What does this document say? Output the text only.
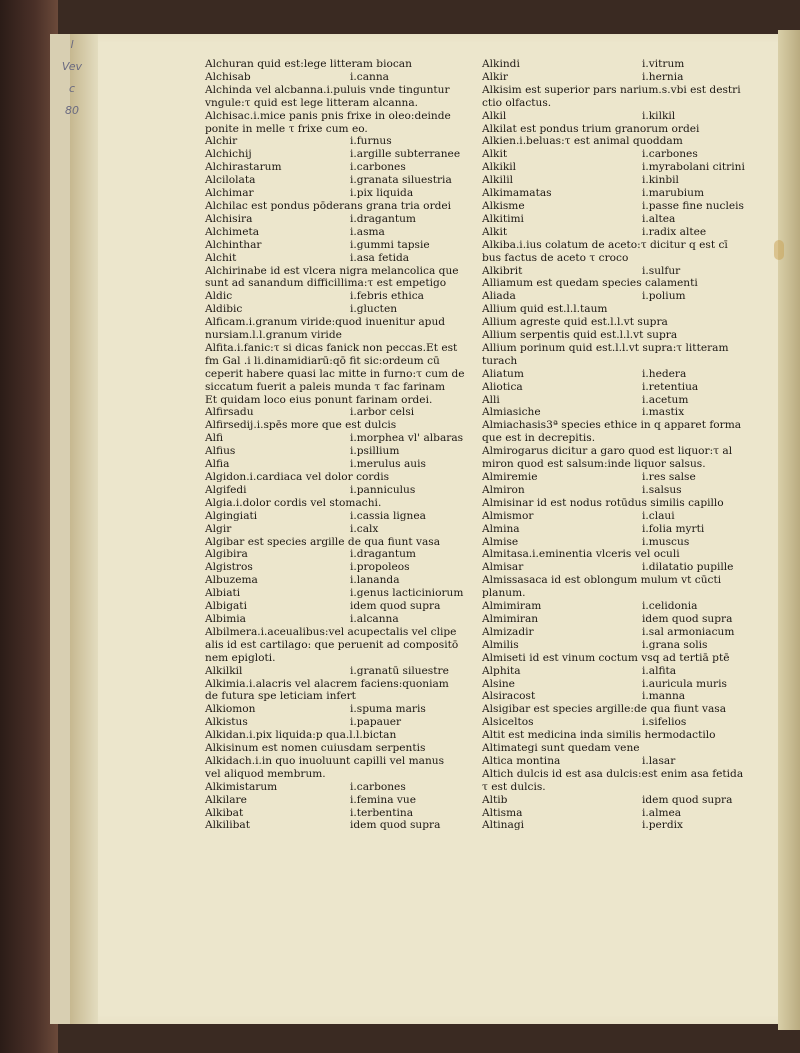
l
Vev
c
80
Alchuran quid est:lege litteram biocan
Alchisab	i.canna
Alchinda vel alcbanna.i.puluis vnde tinguntur
vngule:τ quid est lege litteram alcanna.
Alchisac.i.mice panis pnis frixe in oleo:deinde
ponite in melle τ frixe cum eo.
Alchir	i.furnus
Alchichij	i.argille subterranee
Alchirastarum	i.carbones
Alcilolata	i.granata siluestria
Alchimar	i.pix liquida
Alchilac est pondus pōderans grana tria ordei
Alchisira	i.dragantum
Alchimeta	i.asma
Alchinthar	i.gummi tapsie
Alchit	i.asa fetida
Alchirinabe id est vlcera nigra melancolica que
sunt ad sanandum difficillima:τ est empetigo
Aldic	i.febris ethica
Aldibic	i.glucten
Alficam.i.granum viride:quod inuenitur apud
nursiam.l.l.granum viride
Alfita.i.fanic:τ si dicas fanick non peccas.Et est
fm Gal .i li.dinamidiarū:qō fit sic:ordeum cū
ceperit habere quasi lac mitte in furno:τ cum de
siccatum fuerit a paleis munda τ fac farinam
Et quidam loco eius ponunt farinam ordei.
Alfirsadu	i.arbor celsi
Alfirsedij.i.spēs more que est dulcis
Alfi	i.morphea vl' albaras
Alfius	i.psillium
Alfia	i.merulus auis
Algidon.i.cardiaca vel dolor cordis
Algifedi	i.panniculus
Algia.i.dolor cordis vel stomachi.
Algingiati	i.cassia lignea
Algir	i.calx
Algibar est species argille de qua fiunt vasa
Algibira	i.dragantum
Algistros	i.propoleos
Albuzema	i.lananda
Albiati	i.genus lacticiniorum
Albigati	idem quod supra
Albimia	i.alcanna
Albilmera.i.aceualibus:vel acupectalis vel clipe
alis id est cartilago: que peruenit ad compositō
nem epigloti.
Alkilkil	i.granatū siluestre
Alkimia.i.alacris vel alacrem faciens:quoniam
de futura spe leticiam infert
Alkiomon	i.spuma maris
Alkistus	i.papauer
Alkidan.i.pix liquida:p qua.l.l.bictan
Alkisinum est nomen cuiusdam serpentis
Alkidach.i.in quo inuoluunt capilli vel manus
vel aliquod membrum.
Alkimistarum	i.carbones
Alkilare	i.femina vue
Alkibat	i.terbentina
Alkilibat	idem quod supra
Alkindi	i.vitrum
Alkir	i.hernia
Alkisim est superior pars narium.s.vbi est destri
ctio olfactus.
Alkil	i.kilkil
Alkilat est pondus trium granorum ordei
Alkien.i.beluas:τ est animal quoddam
Alkit	i.carbones
Alkikil	i.myrabolani citrini
Alkilil	i.kinbil
Alkimamatas	i.marubium
Alkisme	i.passe fine nucleis
Alkitimi	i.altea
Alkit	i.radix altee
Alkiba.i.ius colatum de aceto:τ dicitur q est cī
bus factus de aceto τ croco
Alkibrit	i.sulfur
Alliamum est quedam species calamenti
Aliada	i.polium
Allium quid est.l.l.taum
Allium agreste quid est.l.l.vt supra
Allium serpentis quid est.l.l.vt supra
Allium porinum quid est.l.l.vt supra:τ litteram
turach
Aliatum	i.hedera
Aliotica	i.retentiua
Alli	i.acetum
Almiasiche	i.mastix
Almiachasis3ª species ethice in q apparet forma
que est in decrepitis.
Almirogarus dicitur a garo quod est liquor:τ al
miron quod est salsum:inde liquor salsus.
Almiremie	i.res salse
Almiron	i.salsus
Almisinar id est nodus rotūdus similis capillo
Almismor	i.claui
Almina	i.folia myrti
Almise	i.muscus
Almitasa.i.eminentia vlceris vel oculi
Almisar	i.dilatatio pupille
Almissasaca id est oblongum mulum vt cūcti
planum.
Almimiram	i.celidonia
Almimiran	idem quod supra
Almizadir	i.sal armoniacum
Almilis	i.grana solis
Almiseti id est vinum coctum vsq ad tertiā ptē
Alphita	i.alfita
Alsine	i.auricula muris
Alsiracost	i.manna
Alsigibar est species argille:de qua fiunt vasa
Alsiceltos	i.sifelios
Altit est medicina inda similis hermodactilo
Altimategi sunt quedam vene
Altica montina	i.lasar
Altich dulcis id est asa dulcis:est enim asa fetida
τ est dulcis.
Altib	idem quod supra
Altisma	i.almea
Altinagi	i.perdix
